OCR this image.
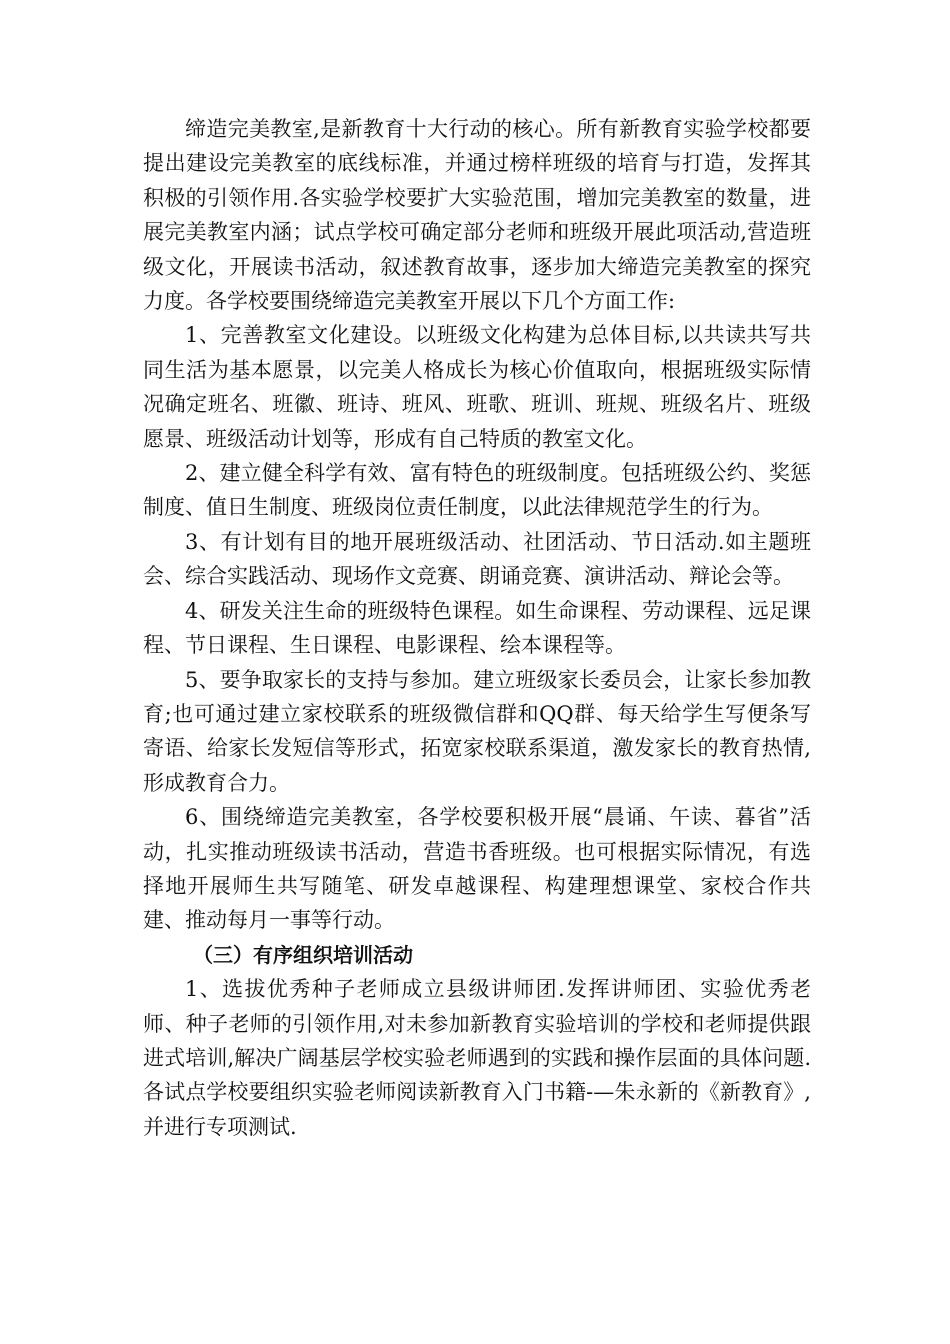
缔造完美教室,是新教育十大行动的核心。所有新教育实验学校都要提出建设完美教室的底线标准，并通过榜样班级的培育与打造，发挥其积极的引领作用.各实验学校要扩大实验范围，增加完美教室的数量，进展完美教室内涵；试点学校可确定部分老师和班级开展此项活动,营造班级文化，开展读书活动，叙述教育故事，逐步加大缔造完美教室的探究力度。各学校要围绕缔造完美教室开展以下几个方面工作:

1、完善教室文化建设。以班级文化构建为总体目标,以共读共写共同生活为基本愿景，以完美人格成长为核心价值取向，根据班级实际情况确定班名、班徽、班诗、班风、班歌、班训、班规、班级名片、班级愿景、班级活动计划等，形成有自己特质的教室文化。

2、建立健全科学有效、富有特色的班级制度。包括班级公约、奖惩制度、值日生制度、班级岗位责任制度，以此法律规范学生的行为。

3、有计划有目的地开展班级活动、社团活动、节日活动.如主题班会、综合实践活动、现场作文竞赛、朗诵竞赛、演讲活动、辩论会等。

4、研发关注生命的班级特色课程。如生命课程、劳动课程、远足课程、节日课程、生日课程、电影课程、绘本课程等。

5、要争取家长的支持与参加。建立班级家长委员会，让家长参加教育;也可通过建立家校联系的班级微信群和QQ群、每天给学生写便条写寄语、给家长发短信等形式，拓宽家校联系渠道，激发家长的教育热情,形成教育合力。

6、围绕缔造完美教室，各学校要积极开展“晨诵、午读、暮省”活动，扎实推动班级读书活动，营造书香班级。也可根据实际情况，有选择地开展师生共写随笔、研发卓越课程、构建理想课堂、家校合作共建、推动每月一事等行动。

（三）有序组织培训活动

1、选拔优秀种子老师成立县级讲师团.发挥讲师团、实验优秀老师、种子老师的引领作用,对未参加新教育实验培训的学校和老师提供跟进式培训,解决广阔基层学校实验老师遇到的实践和操作层面的具体问题.各试点学校要组织实验老师阅读新教育入门书籍-—朱永新的《新教育》,并进行专项测试.
